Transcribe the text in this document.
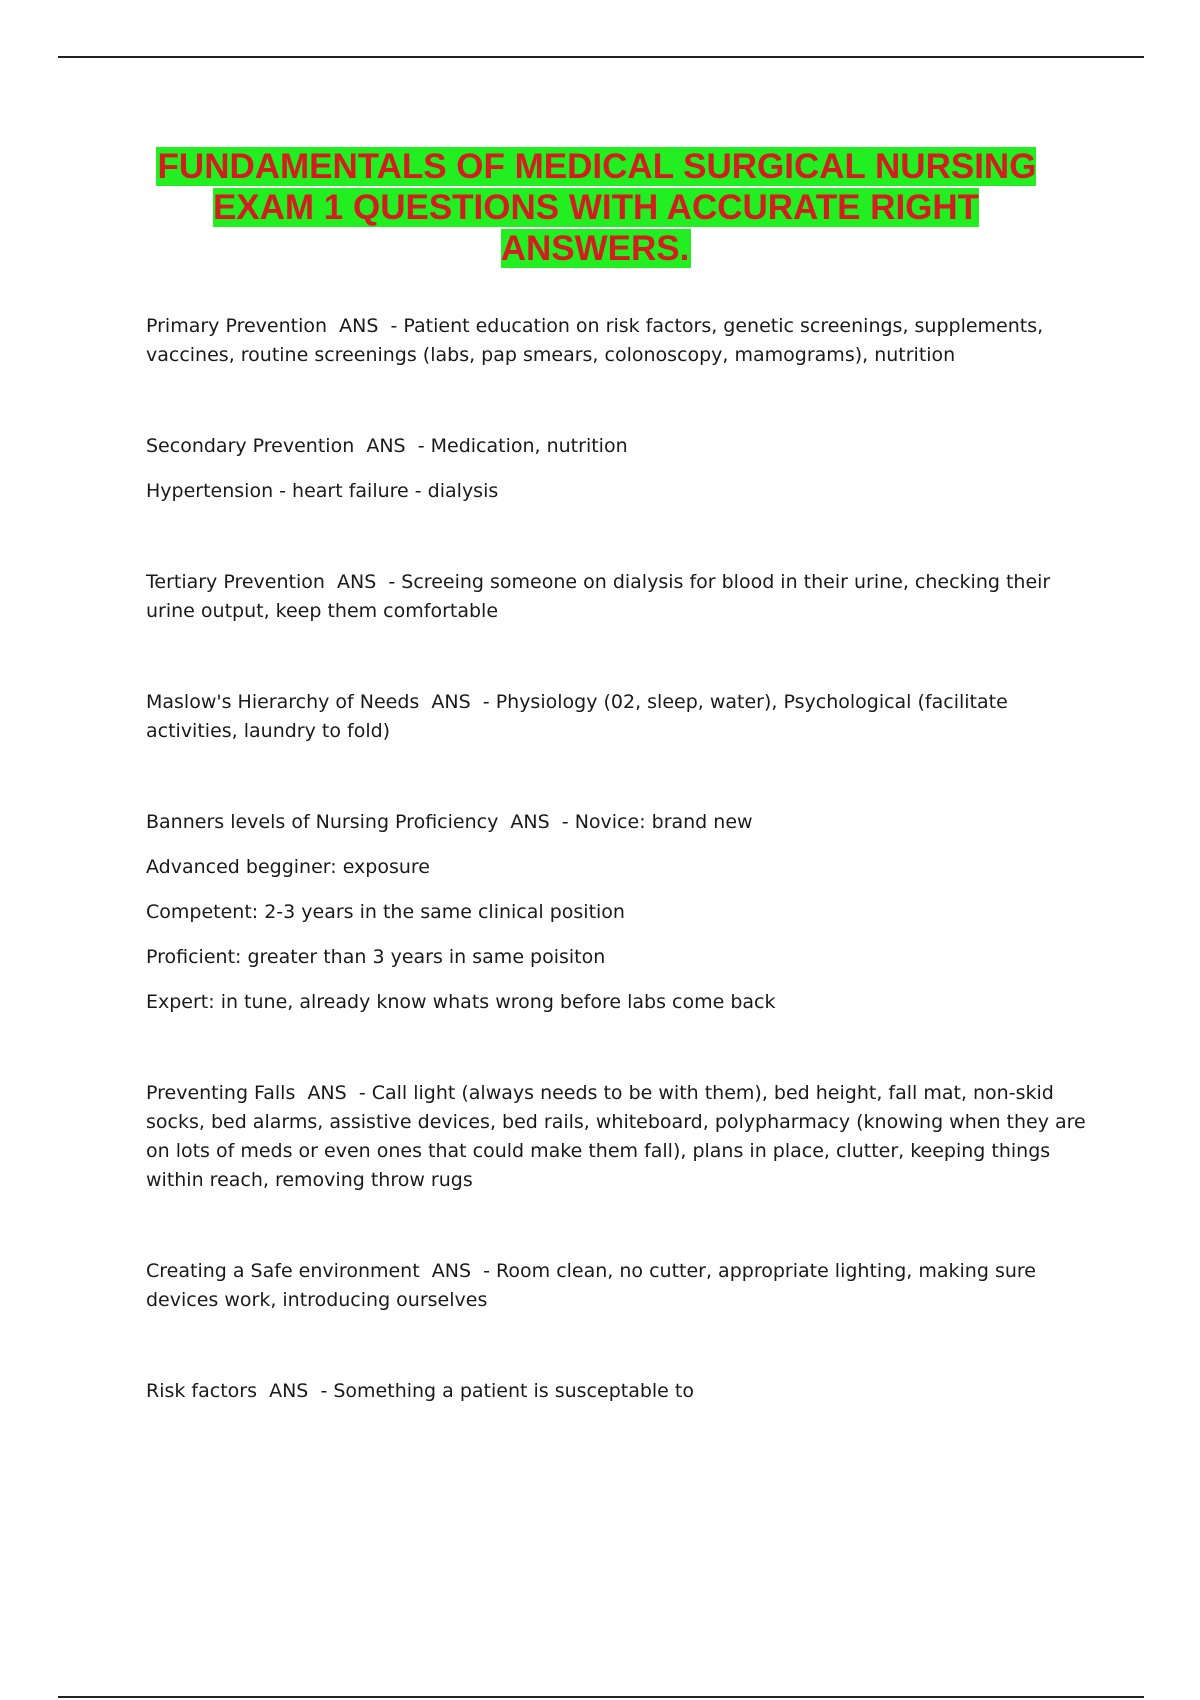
FUNDAMENTALS OF MEDICAL SURGICAL NURSING EXAM 1 QUESTIONS WITH ACCURATE RIGHT ANSWERS.

Primary Prevention ANS - Patient education on risk factors, genetic screenings, supplements, vaccines, routine screenings (labs, pap smears, colonoscopy, mamograms), nutrition

Secondary Prevention ANS - Medication, nutrition

Hypertension - heart failure - dialysis

Tertiary Prevention ANS - Screeing someone on dialysis for blood in their urine, checking their urine output, keep them comfortable

Maslow's Hierarchy of Needs ANS - Physiology (02, sleep, water), Psychological (facilitate activities, laundry to fold)

Banners levels of Nursing Proficiency ANS - Novice: brand new

Advanced begginer: exposure

Competent: 2-3 years in the same clinical position

Proficient: greater than 3 years in same poisiton

Expert: in tune, already know whats wrong before labs come back

Preventing Falls ANS - Call light (always needs to be with them), bed height, fall mat, non-skid socks, bed alarms, assistive devices, bed rails, whiteboard, polypharmacy (knowing when they are on lots of meds or even ones that could make them fall), plans in place, clutter, keeping things within reach, removing throw rugs

Creating a Safe environment ANS - Room clean, no cutter, appropriate lighting, making sure devices work, introducing ourselves

Risk factors ANS - Something a patient is susceptable to
